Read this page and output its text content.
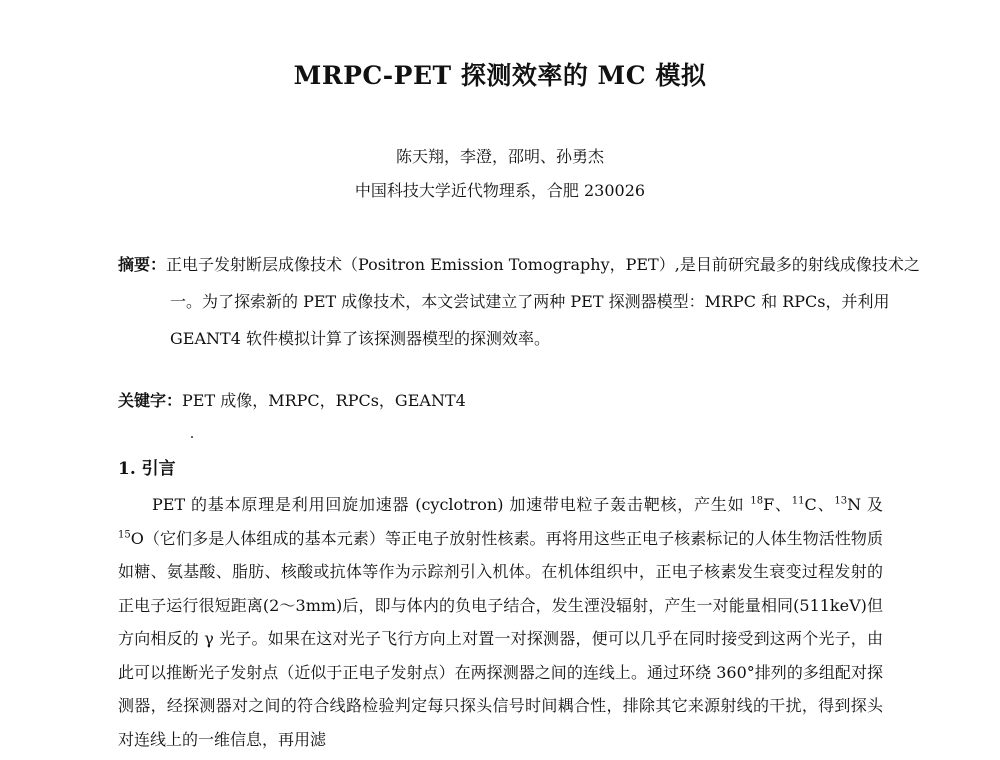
MRPC-PET 探测效率的 MC 模拟
陈天翔，李澄，邵明、孙勇杰
中国科技大学近代物理系，合肥 230026
摘要：正电子发射断层成像技术（Positron Emission Tomography，PET）,是目前研究最多的射线成像技术之一。为了探索新的 PET 成像技术，本文尝试建立了两种 PET 探测器模型：MRPC 和 RPCs，并利用 GEANT4 软件模拟计算了该探测器模型的探测效率。
关键字：PET 成像，MRPC，RPCs，GEANT4
1. 引言
PET 的基本原理是利用回旋加速器 (cyclotron) 加速带电粒子轰击靶核，产生如 $^{18}$F、$^{11}$C、$^{13}$N 及 $^{15}$O（它们多是人体组成的基本元素）等正电子放射性核素。再将用这些正电子核素标记的人体生物活性物质如糖、氨基酸、脂肪、核酸或抗体等作为示踪剂引入机体。在机体组织中，正电子核素发生衰变过程发射的正电子运行很短距离(2～3mm)后，即与体内的负电子结合，发生湮没辐射，产生一对能量相同(511keV)但方向相反的 γ 光子。如果在这对光子飞行方向上对置一对探测器，便可以几乎在同时接受到这两个光子，由此可以推断光子发射点（近似于正电子发射点）在两探测器之间的连线上。通过环绕 360°排列的多组配对探测器，经探测器对之间的符合线路检验判定每只探头信号时间耦合性，排除其它来源射线的干扰，得到探头对连线上的一维信息，再用滤
